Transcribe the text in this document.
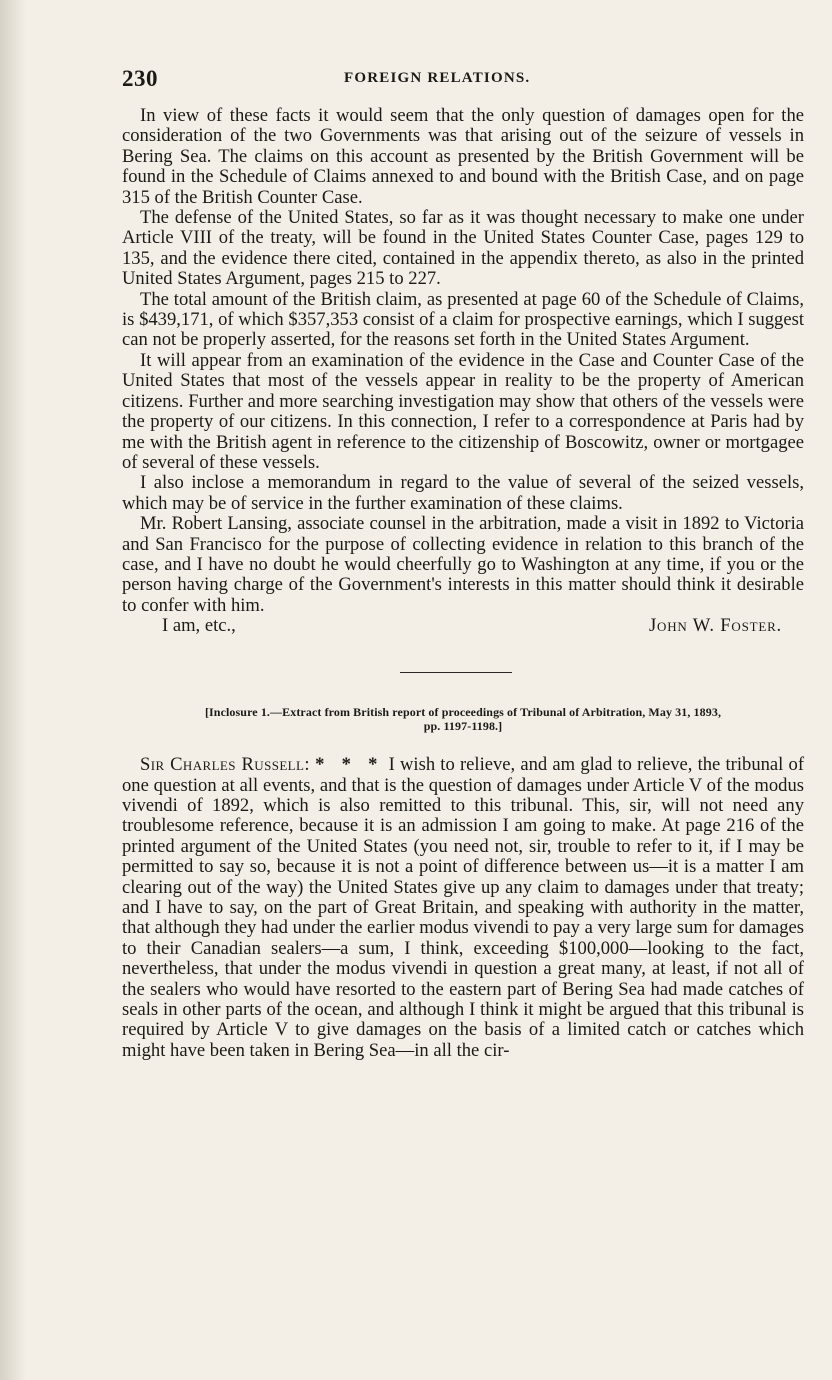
230	FOREIGN RELATIONS.

In view of these facts it would seem that the only question of damages open for the consideration of the two Governments was that arising out of the seizure of vessels in Bering Sea. The claims on this account as presented by the British Government will be found in the Schedule of Claims annexed to and bound with the British Case, and on page 315 of the British Counter Case.

The defense of the United States, so far as it was thought necessary to make one under Article VIII of the treaty, will be found in the United States Counter Case, pages 129 to 135, and the evidence there cited, contained in the appendix thereto, as also in the printed United States Argument, pages 215 to 227.

The total amount of the British claim, as presented at page 60 of the Schedule of Claims, is $439,171, of which $357,353 consist of a claim for prospective earnings, which I suggest can not be properly asserted, for the reasons set forth in the United States Argument.

It will appear from an examination of the evidence in the Case and Counter Case of the United States that most of the vessels appear in reality to be the property of American citizens. Further and more searching investigation may show that others of the vessels were the property of our citizens. In this connection, I refer to a correspondence at Paris had by me with the British agent in reference to the citizenship of Boscowitz, owner or mortgagee of several of these vessels.

I also inclose a memorandum in regard to the value of several of the seized vessels, which may be of service in the further examination of these claims.

Mr. Robert Lansing, associate counsel in the arbitration, made a visit in 1892 to Victoria and San Francisco for the purpose of collecting evidence in relation to this branch of the case, and I have no doubt he would cheerfully go to Washington at any time, if you or the person having charge of the Government's interests in this matter should think it desirable to confer with him.

I am, etc.,	John W. Foster.
[Inclosure 1.—Extract from British report of proceedings of Tribunal of Arbitration, May 31, 1893,
pp. 1197-1198.]

Sir Charles Russell: * * * I wish to relieve, and am glad to relieve, the tribunal of one question at all events, and that is the question of damages under Article V of the modus vivendi of 1892, which is also remitted to this tribunal. This, sir, will not need any troublesome reference, because it is an admission I am going to make. At page 216 of the printed argument of the United States (you need not, sir, trouble to refer to it, if I may be permitted to say so, because it is not a point of difference between us—it is a matter I am clearing out of the way) the United States give up any claim to damages under that treaty; and I have to say, on the part of Great Britain, and speaking with authority in the matter, that although they had under the earlier modus vivendi to pay a very large sum for damages to their Canadian sealers—a sum, I think, exceeding $100,000—looking to the fact, nevertheless, that under the modus vivendi in question a great many, at least, if not all of the sealers who would have resorted to the eastern part of Bering Sea had made catches of seals in other parts of the ocean, and although I think it might be argued that this tribunal is required by Article V to give damages on the basis of a limited catch or catches which might have been taken in Bering Sea—in all the cir-
